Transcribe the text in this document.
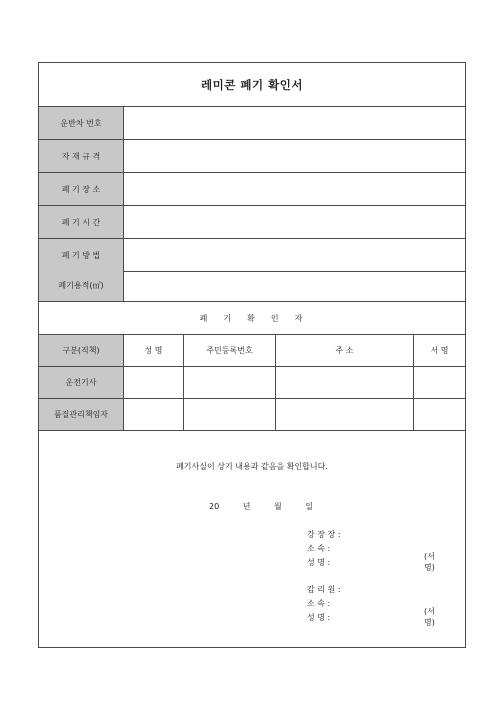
레미콘 폐기 확인서
운반차 번호
자 재 규 격
폐 기 장 소
폐 기 시 간
폐 기 방 법
폐기용적(㎥)
폐 기 확 인 자
구분(직책)	성 명	주민등록번호	주 소	서 명
운전기사
품질관리책임자
폐기사실이 상기 내용과 같음을 확인합니다.
20	년	월	일
강 장 장 :
소 속 :
성 명 :
(서명)
감 리 원 :
소 속 :
성 명 :
(서명)
